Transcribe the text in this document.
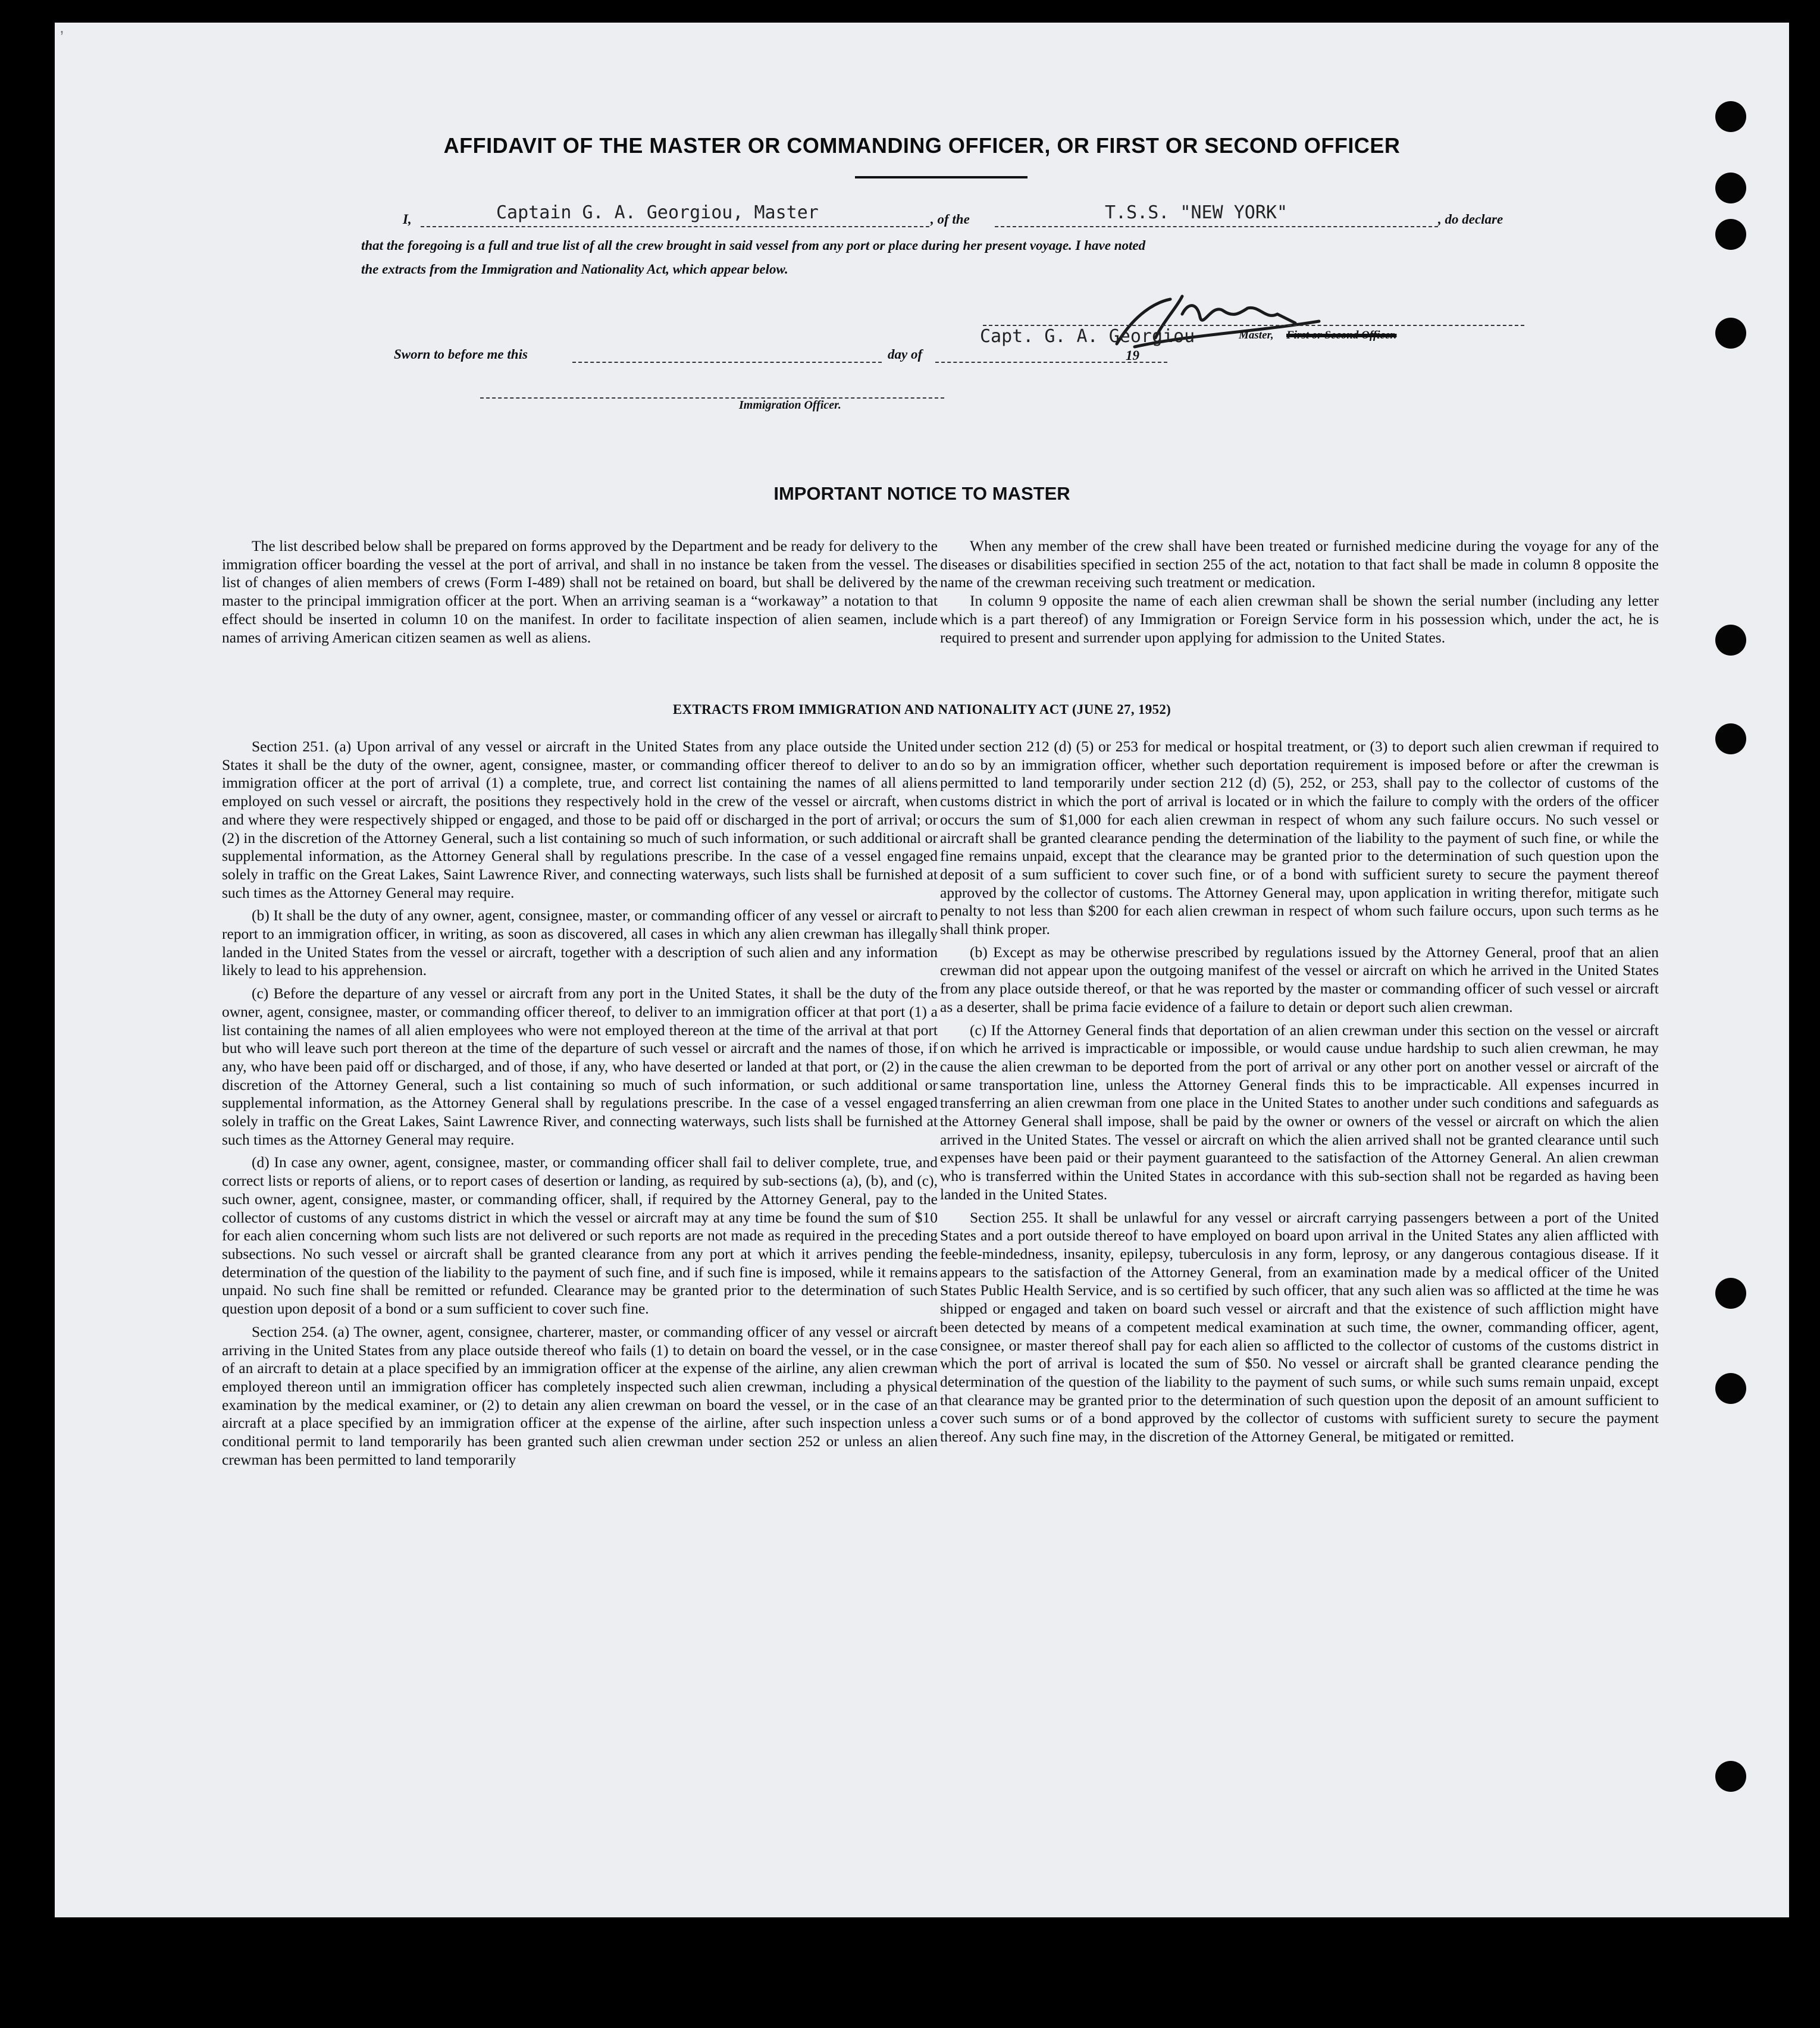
AFFIDAVIT OF THE MASTER OR COMMANDING OFFICER, OR FIRST OR SECOND OFFICER
I,	Captain G. A. Georgiou, Master	, of the	T.S.S. "NEW YORK"	, do declare
that the foregoing is a full and true list of all the crew brought in said vessel from any port or place during her present voyage. I have noted
the extracts from the Immigration and Nationality Act, which appear below.
Capt. G. A. Georgiou	Master, First or Second Officer.
Sworn to before me this	day of	19
Immigration Officer.
IMPORTANT NOTICE TO MASTER

The list described below shall be prepared on forms approved by the Department and be ready for delivery to the immigration officer boarding the vessel at the port of arrival, and shall in no instance be taken from the vessel. The list of changes of alien members of crews (Form I-489) shall not be retained on board, but shall be delivered by the master to the principal immigration officer at the port. When an arriving seaman is a “workaway” a notation to that effect should be inserted in column 10 on the manifest. In order to facilitate inspection of alien seamen, include names of arriving American citizen seamen as well as aliens.

When any member of the crew shall have been treated or furnished medicine during the voyage for any of the diseases or disabilities specified in section 255 of the act, notation to that fact shall be made in column 8 opposite the name of the crewman receiving such treatment or medication.

In column 9 opposite the name of each alien crewman shall be shown the serial number (including any letter which is a part thereof) of any Immigration or Foreign Service form in his possession which, under the act, he is required to present and surrender upon applying for admission to the United States.

EXTRACTS FROM IMMIGRATION AND NATIONALITY ACT (JUNE 27, 1952)

Section 251. (a) Upon arrival of any vessel or aircraft in the United States from any place outside the United States it shall be the duty of the owner, agent, consignee, master, or commanding officer thereof to deliver to an immigration officer at the port of arrival (1) a complete, true, and correct list containing the names of all aliens employed on such vessel or aircraft, the positions they respectively hold in the crew of the vessel or aircraft, when and where they were respectively shipped or engaged, and those to be paid off or discharged in the port of arrival; or (2) in the discretion of the Attorney General, such a list containing so much of such information, or such additional or supplemental information, as the Attorney General shall by regulations prescribe. In the case of a vessel engaged solely in traffic on the Great Lakes, Saint Lawrence River, and connecting waterways, such lists shall be furnished at such times as the Attorney General may require.

(b) It shall be the duty of any owner, agent, consignee, master, or commanding officer of any vessel or aircraft to report to an immigration officer, in writing, as soon as discovered, all cases in which any alien crewman has illegally landed in the United States from the vessel or aircraft, together with a description of such alien and any information likely to lead to his apprehension.

(c) Before the departure of any vessel or aircraft from any port in the United States, it shall be the duty of the owner, agent, consignee, master, or commanding officer thereof, to deliver to an immigration officer at that port (1) a list containing the names of all alien employees who were not employed thereon at the time of the arrival at that port but who will leave such port thereon at the time of the departure of such vessel or aircraft and the names of those, if any, who have been paid off or discharged, and of those, if any, who have deserted or landed at that port, or (2) in the discretion of the Attorney General, such a list containing so much of such information, or such additional or supplemental information, as the Attorney General shall by regulations prescribe. In the case of a vessel engaged solely in traffic on the Great Lakes, Saint Lawrence River, and connecting waterways, such lists shall be furnished at such times as the Attorney General may require.

(d) In case any owner, agent, consignee, master, or commanding officer shall fail to deliver complete, true, and correct lists or reports of aliens, or to report cases of desertion or landing, as required by sub-sections (a), (b), and (c), such owner, agent, consignee, master, or commanding officer, shall, if required by the Attorney General, pay to the collector of customs of any customs district in which the vessel or aircraft may at any time be found the sum of $10 for each alien concerning whom such lists are not delivered or such reports are not made as required in the preceding subsections. No such vessel or aircraft shall be granted clearance from any port at which it arrives pending the determination of the question of the liability to the payment of such fine, and if such fine is imposed, while it remains unpaid. No such fine shall be remitted or refunded. Clearance may be granted prior to the determination of such question upon deposit of a bond or a sum sufficient to cover such fine.

Section 254. (a) The owner, agent, consignee, charterer, master, or commanding officer of any vessel or aircraft arriving in the United States from any place outside thereof who fails (1) to detain on board the vessel, or in the case of an aircraft to detain at a place specified by an immigration officer at the expense of the airline, any alien crewman employed thereon until an immigration officer has completely inspected such alien crewman, including a physical examination by the medical examiner, or (2) to detain any alien crewman on board the vessel, or in the case of an aircraft at a place specified by an immigration officer at the expense of the airline, after such inspection unless a conditional permit to land temporarily has been granted such alien crewman under section 252 or unless an alien crewman has been permitted to land temporarily

under section 212 (d) (5) or 253 for medical or hospital treatment, or (3) to deport such alien crewman if required to do so by an immigration officer, whether such deportation requirement is imposed before or after the crewman is permitted to land temporarily under section 212 (d) (5), 252, or 253, shall pay to the collector of customs of the customs district in which the port of arrival is located or in which the failure to comply with the orders of the officer occurs the sum of $1,000 for each alien crewman in respect of whom any such failure occurs. No such vessel or aircraft shall be granted clearance pending the determination of the liability to the payment of such fine, or while the fine remains unpaid, except that the clearance may be granted prior to the determination of such question upon the deposit of a sum sufficient to cover such fine, or of a bond with sufficient surety to secure the payment thereof approved by the collector of customs. The Attorney General may, upon application in writing therefor, mitigate such penalty to not less than $200 for each alien crewman in respect of whom such failure occurs, upon such terms as he shall think proper.

(b) Except as may be otherwise prescribed by regulations issued by the Attorney General, proof that an alien crewman did not appear upon the outgoing manifest of the vessel or aircraft on which he arrived in the United States from any place outside thereof, or that he was reported by the master or commanding officer of such vessel or aircraft as a deserter, shall be prima facie evidence of a failure to detain or deport such alien crewman.

(c) If the Attorney General finds that deportation of an alien crewman under this section on the vessel or aircraft on which he arrived is impracticable or impossible, or would cause undue hardship to such alien crewman, he may cause the alien crewman to be deported from the port of arrival or any other port on another vessel or aircraft of the same transportation line, unless the Attorney General finds this to be impracticable. All expenses incurred in transferring an alien crewman from one place in the United States to another under such conditions and safeguards as the Attorney General shall impose, shall be paid by the owner or owners of the vessel or aircraft on which the alien arrived in the United States. The vessel or aircraft on which the alien arrived shall not be granted clearance until such expenses have been paid or their payment guaranteed to the satisfaction of the Attorney General. An alien crewman who is transferred within the United States in accordance with this sub-section shall not be regarded as having been landed in the United States.

Section 255. It shall be unlawful for any vessel or aircraft carrying passengers between a port of the United States and a port outside thereof to have employed on board upon arrival in the United States any alien afflicted with feeble-mindedness, insanity, epilepsy, tuberculosis in any form, leprosy, or any dangerous contagious disease. If it appears to the satisfaction of the Attorney General, from an examination made by a medical officer of the United States Public Health Service, and is so certified by such officer, that any such alien was so afflicted at the time he was shipped or engaged and taken on board such vessel or aircraft and that the existence of such affliction might have been detected by means of a competent medical examination at such time, the owner, commanding officer, agent, consignee, or master thereof shall pay for each alien so afflicted to the collector of customs of the customs district in which the port of arrival is located the sum of $50. No vessel or aircraft shall be granted clearance pending the determination of the question of the liability to the payment of such sums, or while such sums remain unpaid, except that clearance may be granted prior to the determination of such question upon the deposit of an amount sufficient to cover such sums or of a bond approved by the collector of customs with sufficient surety to secure the payment thereof. Any such fine may, in the discretion of the Attorney General, be mitigated or remitted.

,
